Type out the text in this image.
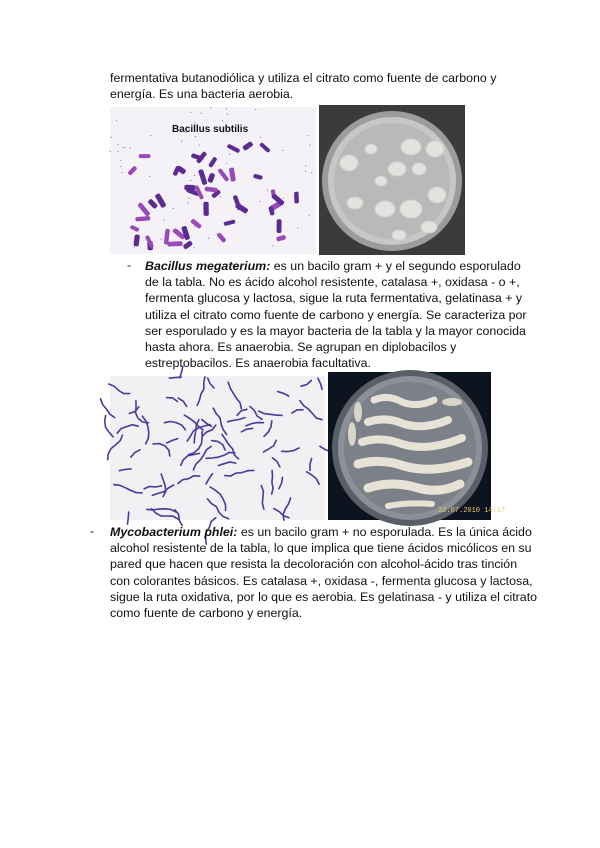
fermentativa butanodiólica y utiliza el citrato como fuente de carbono y
energía. Es una bacteria aerobia.

Bacillus subtilis
- Bacillus megaterium: es un bacilo gram + y el segundo esporulado
de la tabla. No es ácido alcohol resistente, catalasa +, oxidasa - o +,
fermenta glucosa y lactosa, sigue la ruta fermentativa, gelatinasa + y
utiliza el citrato como fuente de carbono y energía. Se caracteriza por
ser esporulado y es la mayor bacteria de la tabla y la mayor conocida
hasta ahora. Es anaerobia. Se agrupan en diplobacilos y
estreptobacilos. Es anaerobia facultativa.

22.07.2010 14:17
- Mycobacterium phlei: es un bacilo gram + no esporulada. Es la única ácido
alcohol resistente de la tabla, lo que implica que tiene ácidos micólicos en su
pared que hacen que resista la decoloración con alcohol-ácido tras tinción
con colorantes básicos. Es catalasa +, oxidasa -, fermenta glucosa y lactosa,
sigue la ruta oxidativa, por lo que es aerobia. Es gelatinasa - y utiliza el citrato
como fuente de carbono y energía.
